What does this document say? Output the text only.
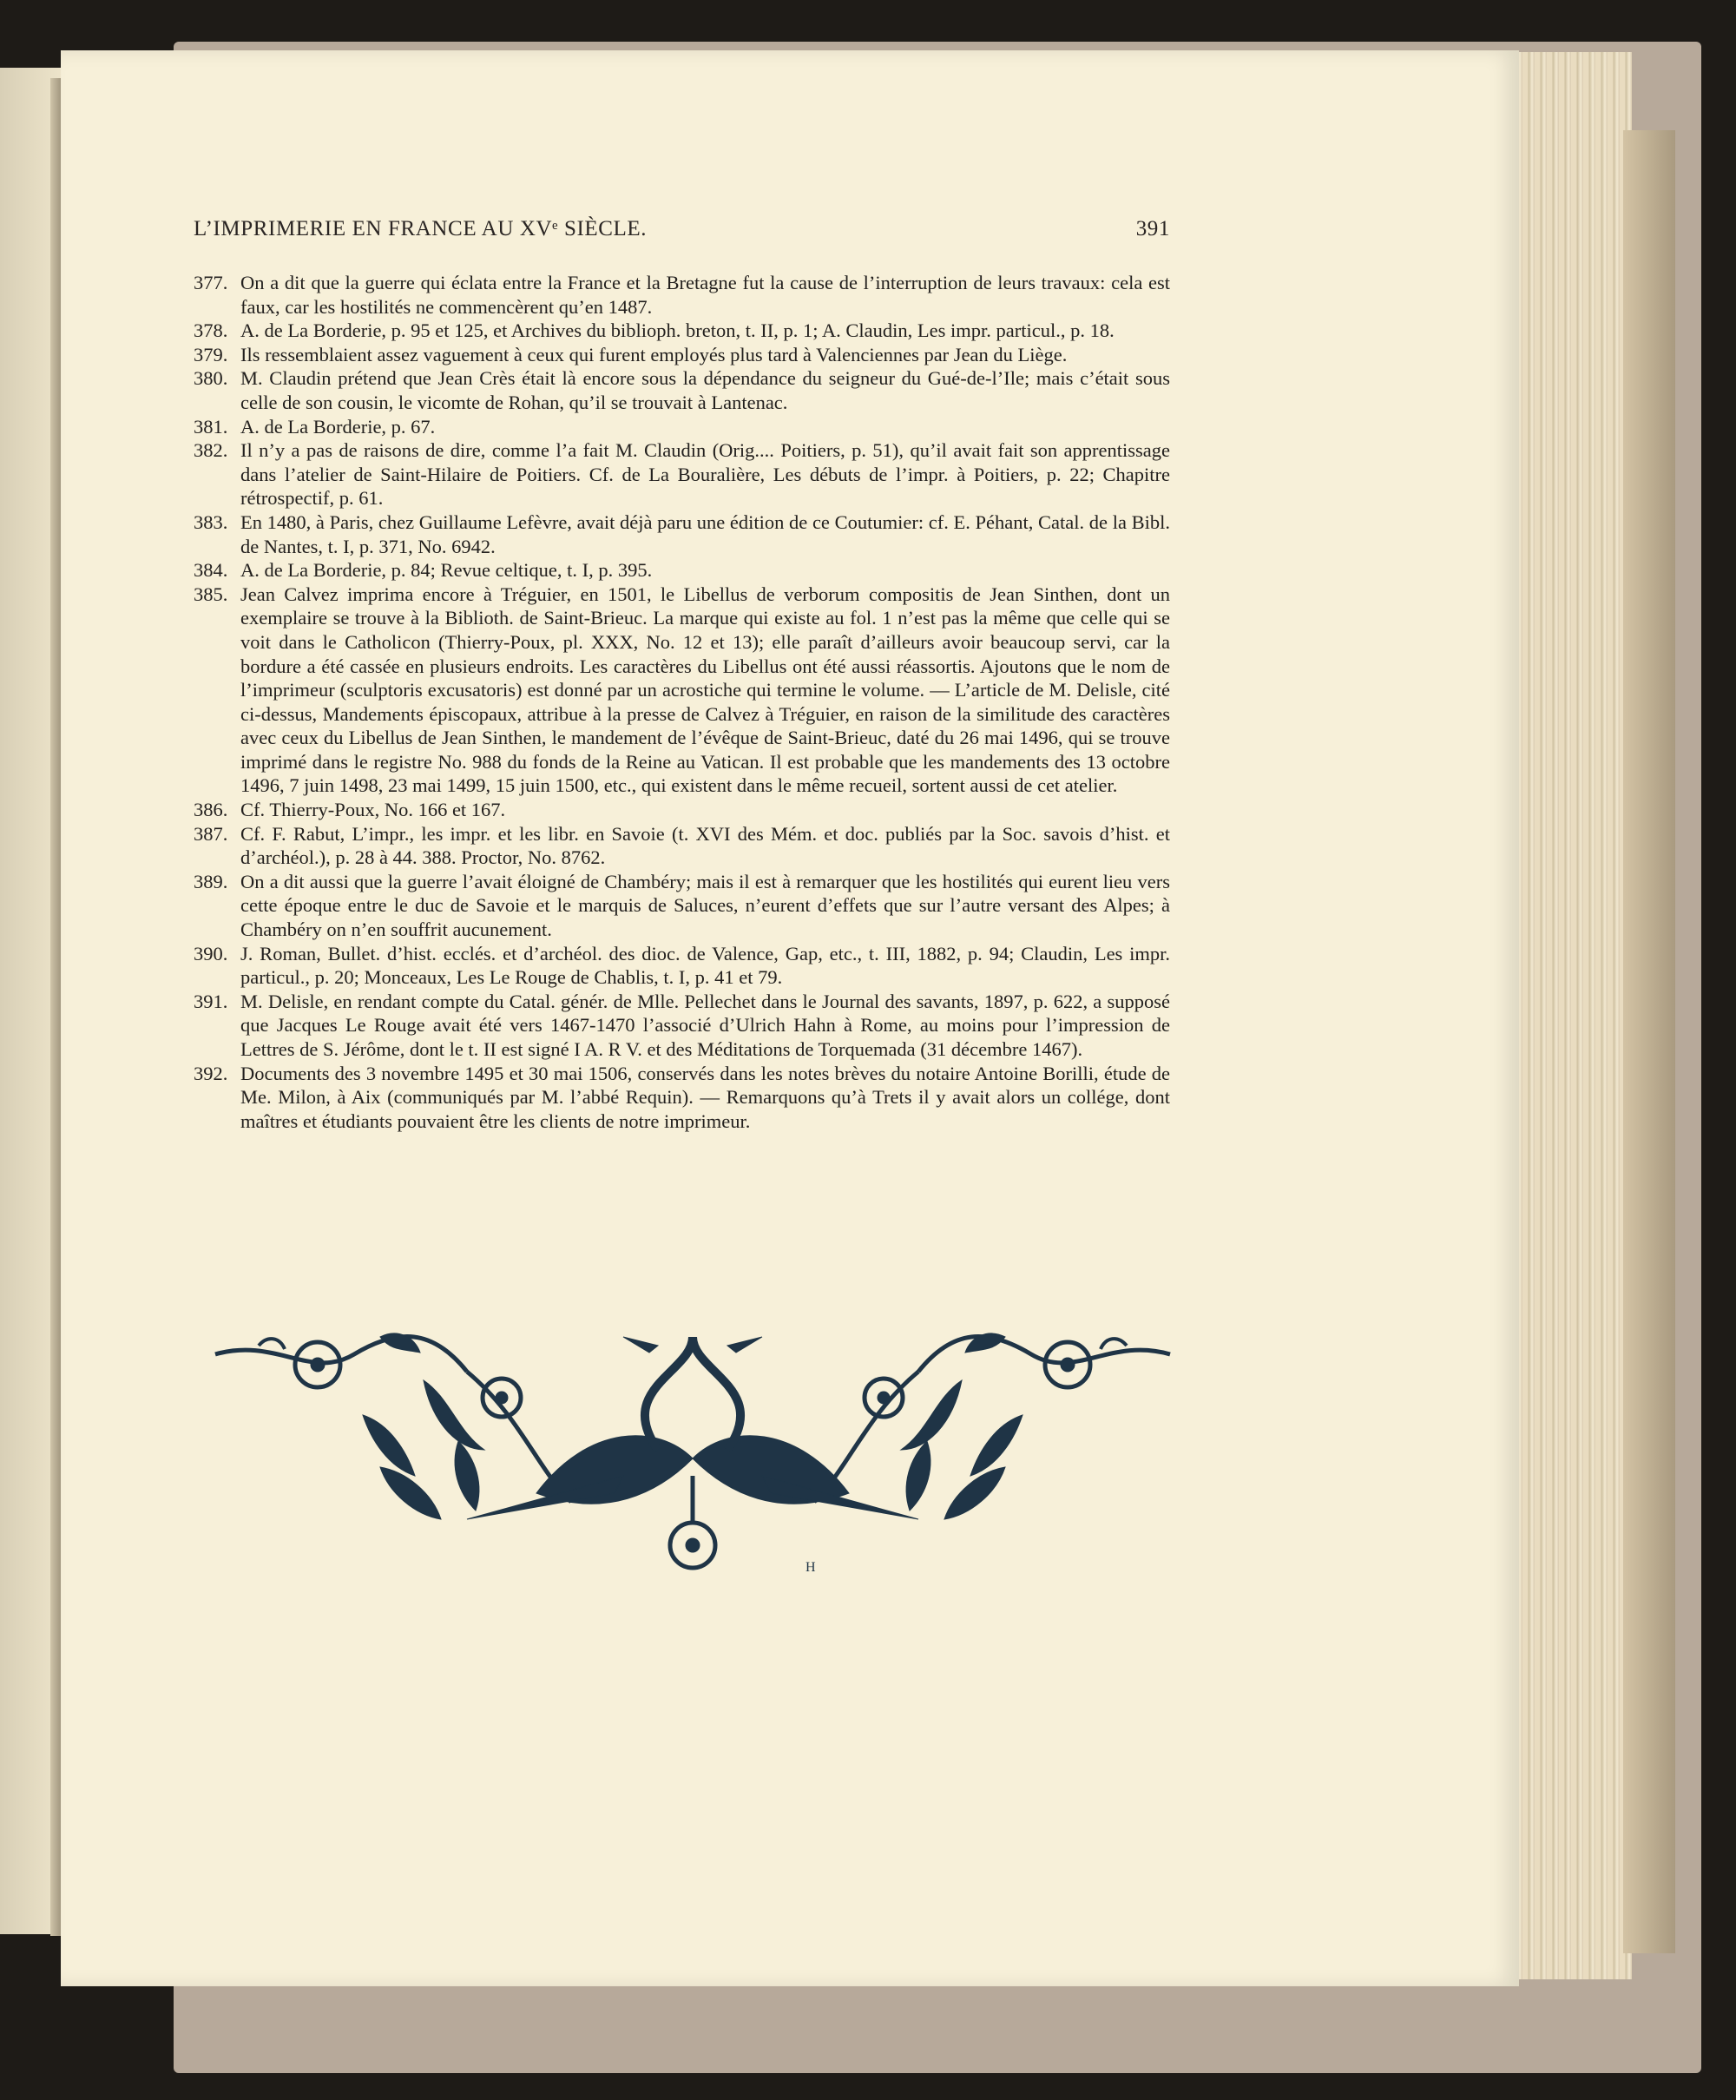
L’IMPRIMERIE EN FRANCE AU XVᵉ SIÈCLE.	391
377. On a dit que la guerre qui éclata entre la France et la Bretagne fut la cause de l’interruption de leurs travaux: cela est faux, car les hostilités ne commencèrent qu’en 1487.
378. A. de La Borderie, p. 95 et 125, et Archives du biblioph. breton, t. II, p. 1; A. Claudin, Les impr. particul., p. 18.
379. Ils ressemblaient assez vaguement à ceux qui furent employés plus tard à Valenciennes par Jean du Liège.
380. M. Claudin prétend que Jean Crès était là encore sous la dépendance du seigneur du Gué-de-l’Ile; mais c’était sous celle de son cousin, le vicomte de Rohan, qu’il se trouvait à Lantenac.
381. A. de La Borderie, p. 67.
382. Il n’y a pas de raisons de dire, comme l’a fait M. Claudin (Orig.... Poitiers, p. 51), qu’il avait fait son apprentissage dans l’atelier de Saint-Hilaire de Poitiers. Cf. de La Bouralière, Les débuts de l’impr. à Poitiers, p. 22; Chapitre rétrospectif, p. 61.
383. En 1480, à Paris, chez Guillaume Lefèvre, avait déjà paru une édition de ce Coutumier: cf. E. Péhant, Catal. de la Bibl. de Nantes, t. I, p. 371, No. 6942.
384. A. de La Borderie, p. 84; Revue celtique, t. I, p. 395.
385. Jean Calvez imprima encore à Tréguier, en 1501, le Libellus de verborum compositis de Jean Sinthen, dont un exemplaire se trouve à la Biblioth. de Saint-Brieuc. La marque qui existe au fol. 1 n’est pas la même que celle qui se voit dans le Catholicon (Thierry-Poux, pl. XXX, No. 12 et 13); elle paraît d’ailleurs avoir beaucoup servi, car la bordure a été cassée en plusieurs endroits. Les caractères du Libellus ont été aussi réassortis. Ajoutons que le nom de l’imprimeur (sculptoris excusatoris) est donné par un acrostiche qui termine le volume. — L’article de M. Delisle, cité ci-dessus, Mandements épiscopaux, attribue à la presse de Calvez à Tréguier, en raison de la similitude des caractères avec ceux du Libellus de Jean Sinthen, le mandement de l’évêque de Saint-Brieuc, daté du 26 mai 1496, qui se trouve imprimé dans le registre No. 988 du fonds de la Reine au Vatican. Il est probable que les mandements des 13 octobre 1496, 7 juin 1498, 23 mai 1499, 15 juin 1500, etc., qui existent dans le même recueil, sortent aussi de cet atelier.
386. Cf. Thierry-Poux, No. 166 et 167.
387. Cf. F. Rabut, L’impr., les impr. et les libr. en Savoie (t. XVI des Mém. et doc. publiés par la Soc. savois d’hist. et d’archéol.), p. 28 à 44. 388. Proctor, No. 8762.
389. On a dit aussi que la guerre l’avait éloigné de Chambéry; mais il est à remarquer que les hostilités qui eurent lieu vers cette époque entre le duc de Savoie et le marquis de Saluces, n’eurent d’effets que sur l’autre versant des Alpes; à Chambéry on n’en souffrit aucunement.
390. J. Roman, Bullet. d’hist. ecclés. et d’archéol. des dioc. de Valence, Gap, etc., t. III, 1882, p. 94; Claudin, Les impr. particul., p. 20; Monceaux, Les Le Rouge de Chablis, t. I, p. 41 et 79.
391. M. Delisle, en rendant compte du Catal. génér. de Mlle. Pellechet dans le Journal des savants, 1897, p. 622, a supposé que Jacques Le Rouge avait été vers 1467-1470 l’associé d’Ulrich Hahn à Rome, au moins pour l’impression de Lettres de S. Jérôme, dont le t. II est signé I A. R V. et des Méditations de Torquemada (31 décembre 1467).
392. Documents des 3 novembre 1495 et 30 mai 1506, conservés dans les notes brèves du notaire Antoine Borilli, étude de Me. Milon, à Aix (communiqués par M. l’abbé Requin). — Remarquons qu’à Trets il y avait alors un collége, dont maîtres et étudiants pouvaient être les clients de notre imprimeur.
H
